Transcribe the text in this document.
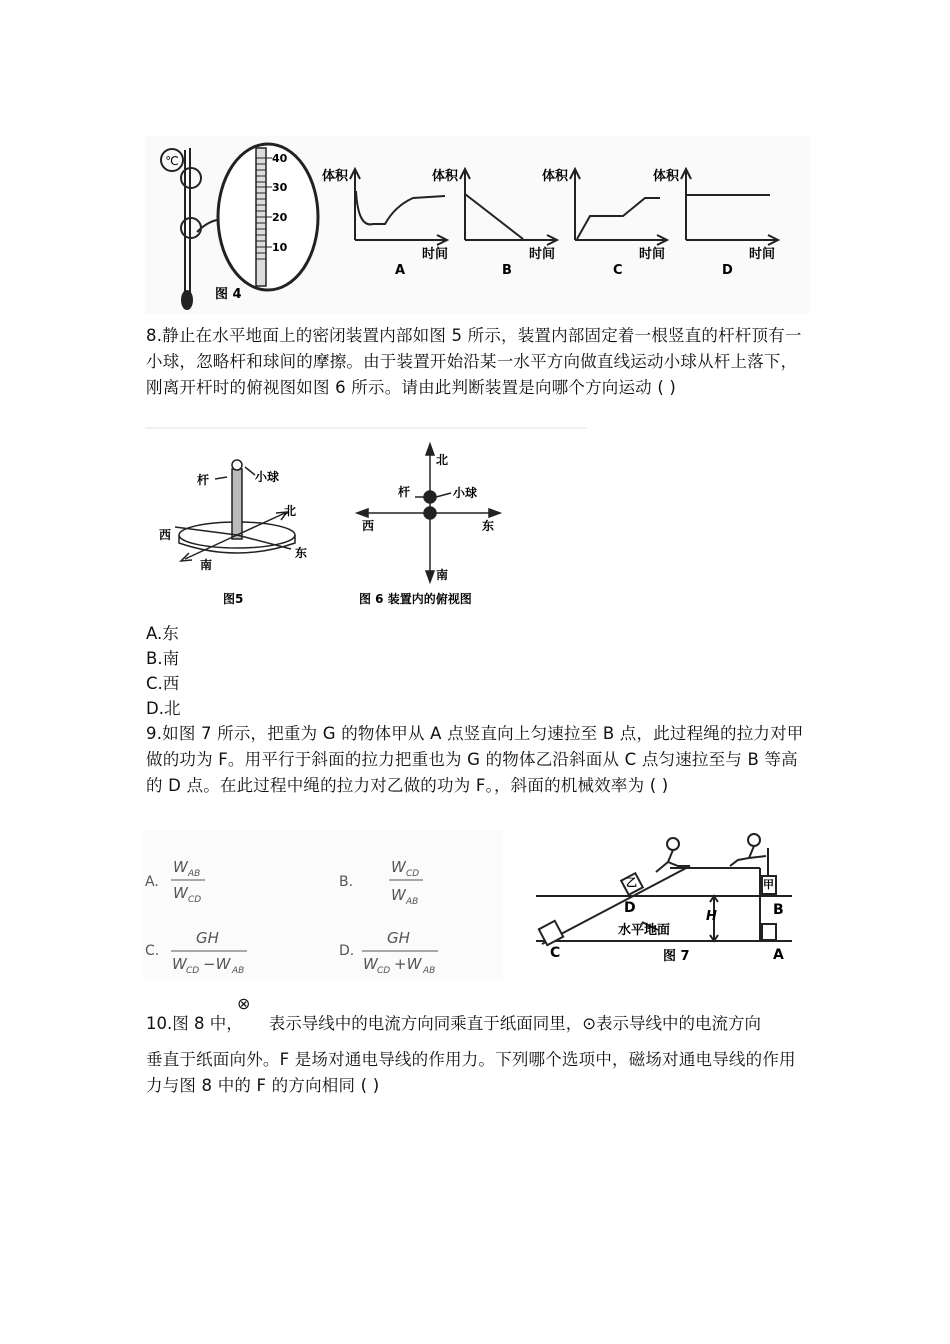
℃	40
30
20
10
图 4
体积
时间
A
体积
时间
B
体积
时间
C
体积
时间
D
8.静止在水平地面上的密闭装置内部如图 5 所示，装置内部固定着一根竖直的杆杆顶有一小球，忽略杆和球间的摩擦。由于装置开始沿某一水平方向做直线运动小球从杆上落下，刚离开杆时的俯视图如图 6 所示。请由此判断装置是向哪个方向运动 ( )
杆	小球
北
西
东
南
图5
北
杆	小球
西	东
南
图 6 装置内的俯视图
A.东
B.南
C.西
D.北
9.如图 7 所示，把重为 G 的物体甲从 A 点竖直向上匀速拉至 B 点，此过程绳的拉力对甲做的功为 F。用平行于斜面的拉力把重也为 G 的物体乙沿斜面从 C 点匀速拉至与 B 等高的 D 点。在此过程中绳的拉力对乙做的功为 F。，斜面的机械效率为 ( )
A.
W AB
W CD
B.
W CD
W AB
C.
GH
W CD −W AB
D.
GH
W CD +W AB
乙	甲
D	B
H
水平地面
C	A
图 7
⊗
10.图 8 中， 表示导线中的电流方向同乘直于纸面同里，⊙表示导线中的电流方向
垂直于纸面向外。F 是场对通电导线的作用力。下列哪个选项中，磁场对通电导线的作用力与图 8 中的 F 的方向相同 ( )
